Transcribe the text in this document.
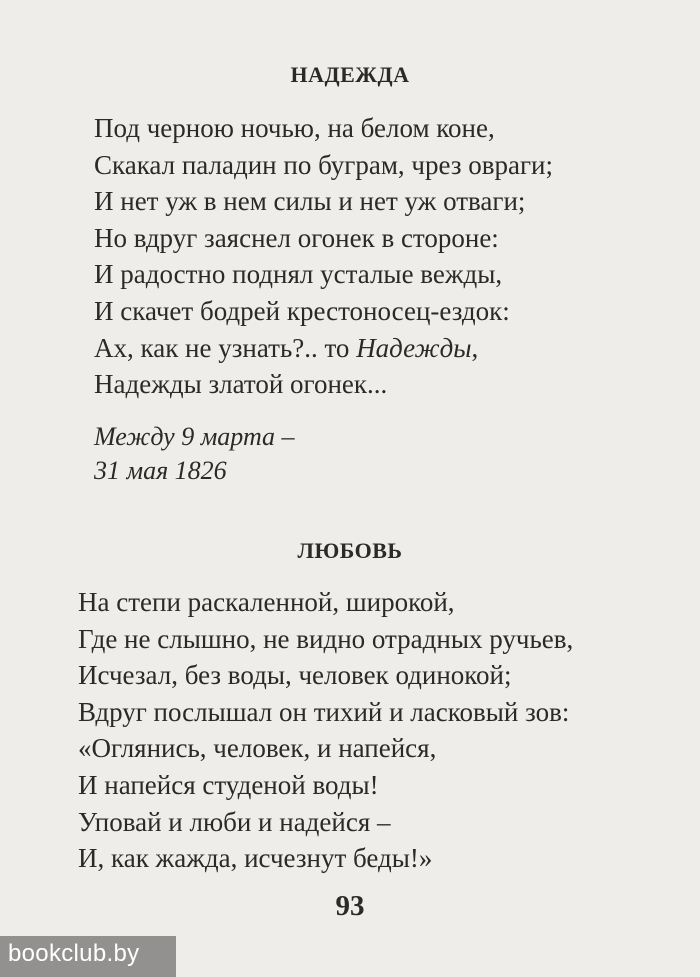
НАДЕЖДА
Под черною ночью, на белом коне,
Скакал паладин по буграм, чрез овраги;
И нет уж в нем силы и нет уж отваги;
Но вдруг заяснел огонек в стороне:
И радостно поднял усталые вежды,
И скачет бодрей крестоносец-ездок:
Ах, как не узнать?.. то Надежды,
Надежды златой огонек...
Между 9 марта –
31 мая 1826
ЛЮБОВЬ
На степи раскаленной, широкой,
Где не слышно, не видно отрадных ручьев,
Исчезал, без воды, человек одинокой;
Вдруг послышал он тихий и ласковый зов:
«Оглянись, человек, и напейся,
И напейся студеной воды!
Уповай и люби и надейся –
И, как жажда, исчезнут беды!»
93
bookclub.by
